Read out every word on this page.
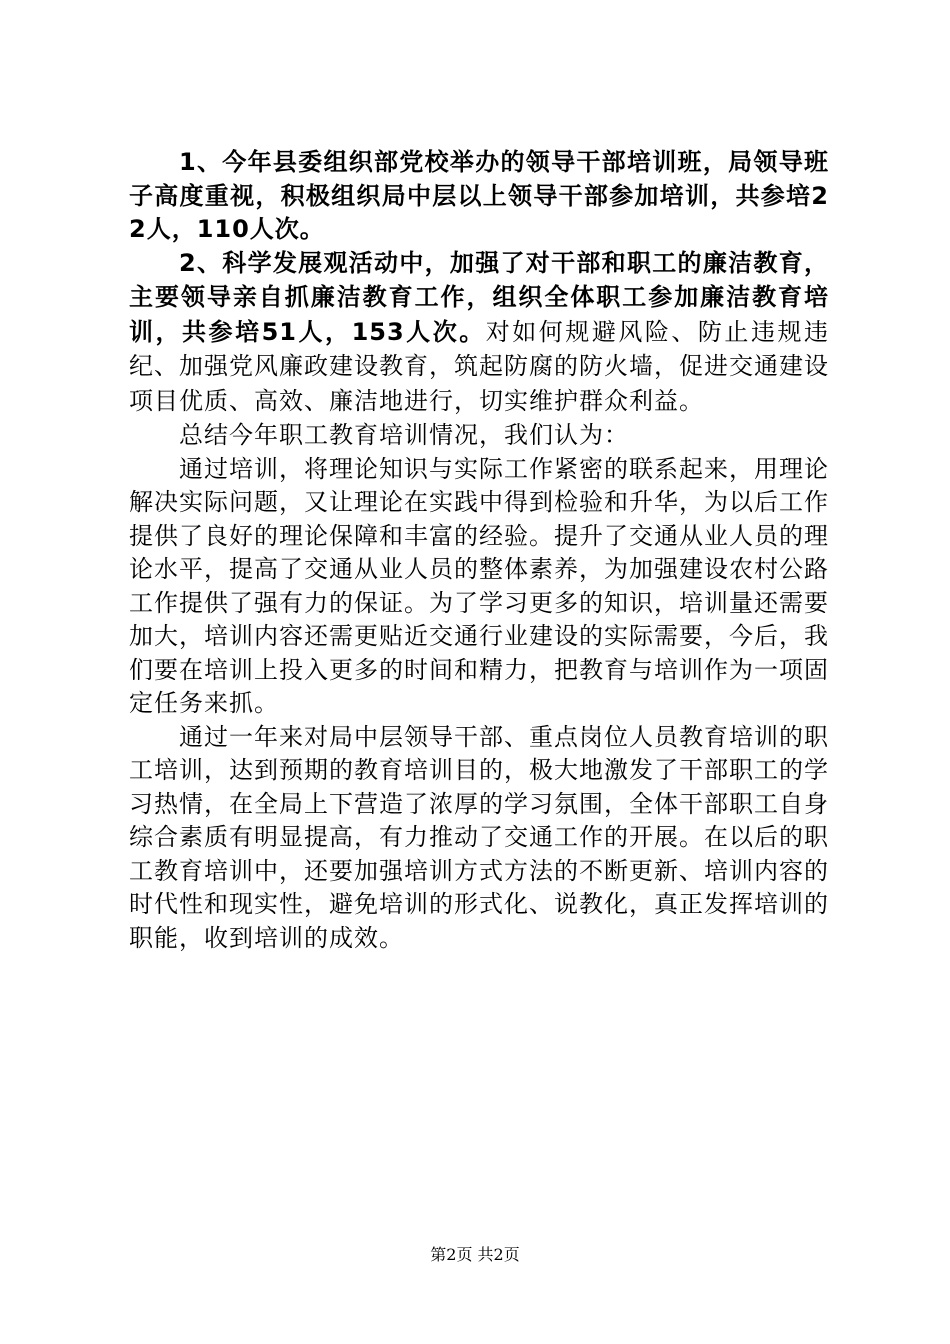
1、今年县委组织部党校举办的领导干部培训班，局领导班子高度重视，积极组织局中层以上领导干部参加培训，共参培22人，110人次。

2、科学发展观活动中，加强了对干部和职工的廉洁教育，主要领导亲自抓廉洁教育工作，组织全体职工参加廉洁教育培训，共参培51人，153人次。对如何规避风险、防止违规违纪、加强党风廉政建设教育，筑起防腐的防火墙，促进交通建设项目优质、高效、廉洁地进行，切实维护群众利益。

总结今年职工教育培训情况，我们认为：

通过培训，将理论知识与实际工作紧密的联系起来，用理论解决实际问题，又让理论在实践中得到检验和升华，为以后工作提供了良好的理论保障和丰富的经验。提升了交通从业人员的理论水平，提高了交通从业人员的整体素养，为加强建设农村公路工作提供了强有力的保证。为了学习更多的知识，培训量还需要加大，培训内容还需更贴近交通行业建设的实际需要，今后，我们要在培训上投入更多的时间和精力，把教育与培训作为一项固定任务来抓。

通过一年来对局中层领导干部、重点岗位人员教育培训的职工培训，达到预期的教育培训目的，极大地激发了干部职工的学习热情，在全局上下营造了浓厚的学习氛围，全体干部职工自身综合素质有明显提高，有力推动了交通工作的开展。在以后的职工教育培训中，还要加强培训方式方法的不断更新、培训内容的时代性和现实性，避免培训的形式化、说教化，真正发挥培训的职能，收到培训的成效。

第2页 共2页
